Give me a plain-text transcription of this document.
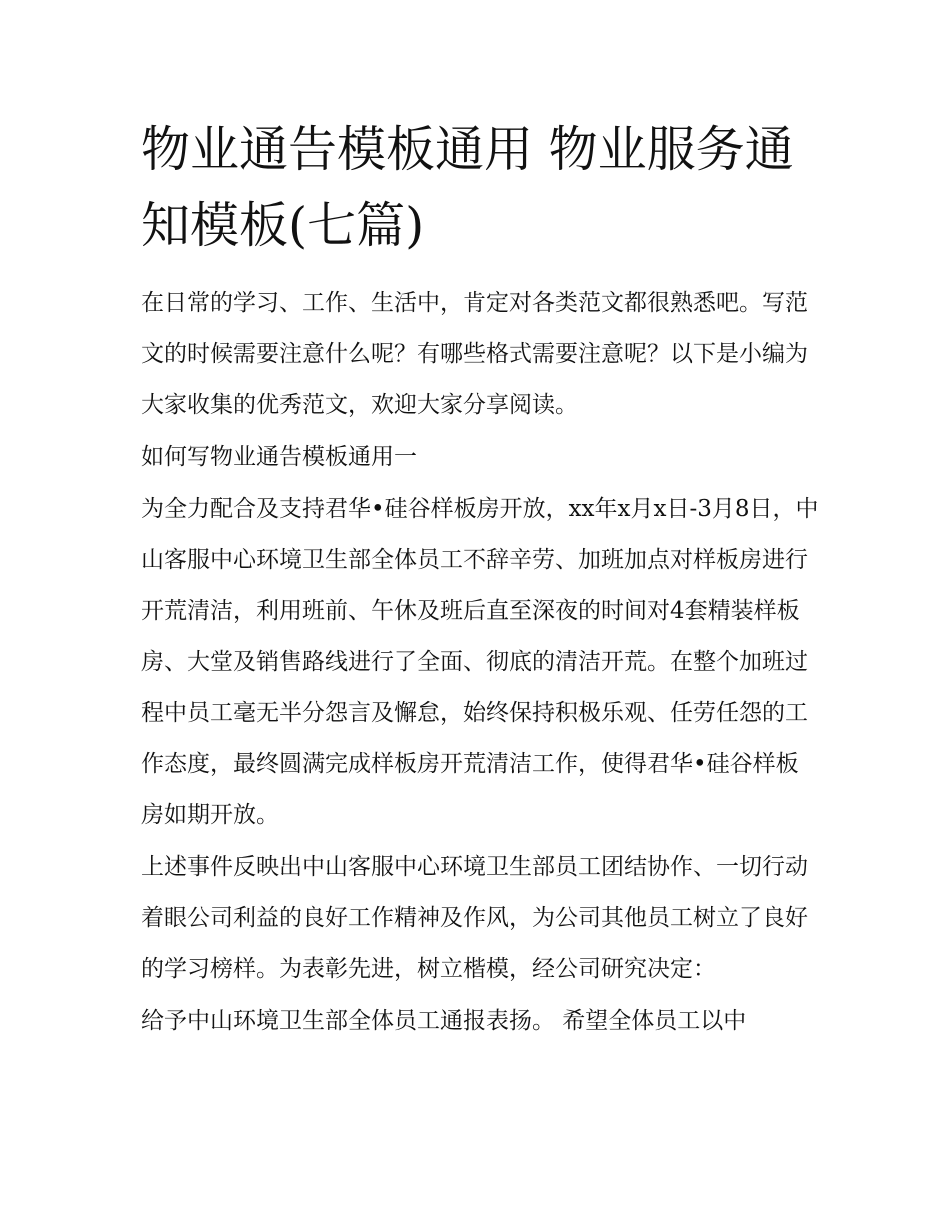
物业通告模板通用 物业服务通知模板(七篇)

在日常的学习、工作、生活中，肯定对各类范文都很熟悉吧。写范文的时候需要注意什么呢？有哪些格式需要注意呢？以下是小编为大家收集的优秀范文，欢迎大家分享阅读。

如何写物业通告模板通用一

为全力配合及支持君华•硅谷样板房开放，xx年x月x日-3月8日，中山客服中心环境卫生部全体员工不辞辛劳、加班加点对样板房进行开荒清洁，利用班前、午休及班后直至深夜的时间对4套精装样板房、大堂及销售路线进行了全面、彻底的清洁开荒。在整个加班过程中员工毫无半分怨言及懈怠，始终保持积极乐观、任劳任怨的工作态度，最终圆满完成样板房开荒清洁工作，使得君华•硅谷样板房如期开放。

上述事件反映出中山客服中心环境卫生部员工团结协作、一切行动着眼公司利益的良好工作精神及作风，为公司其他员工树立了良好的学习榜样。为表彰先进，树立楷模，经公司研究决定：

给予中山环境卫生部全体员工通报表扬。 希望全体员工以中
